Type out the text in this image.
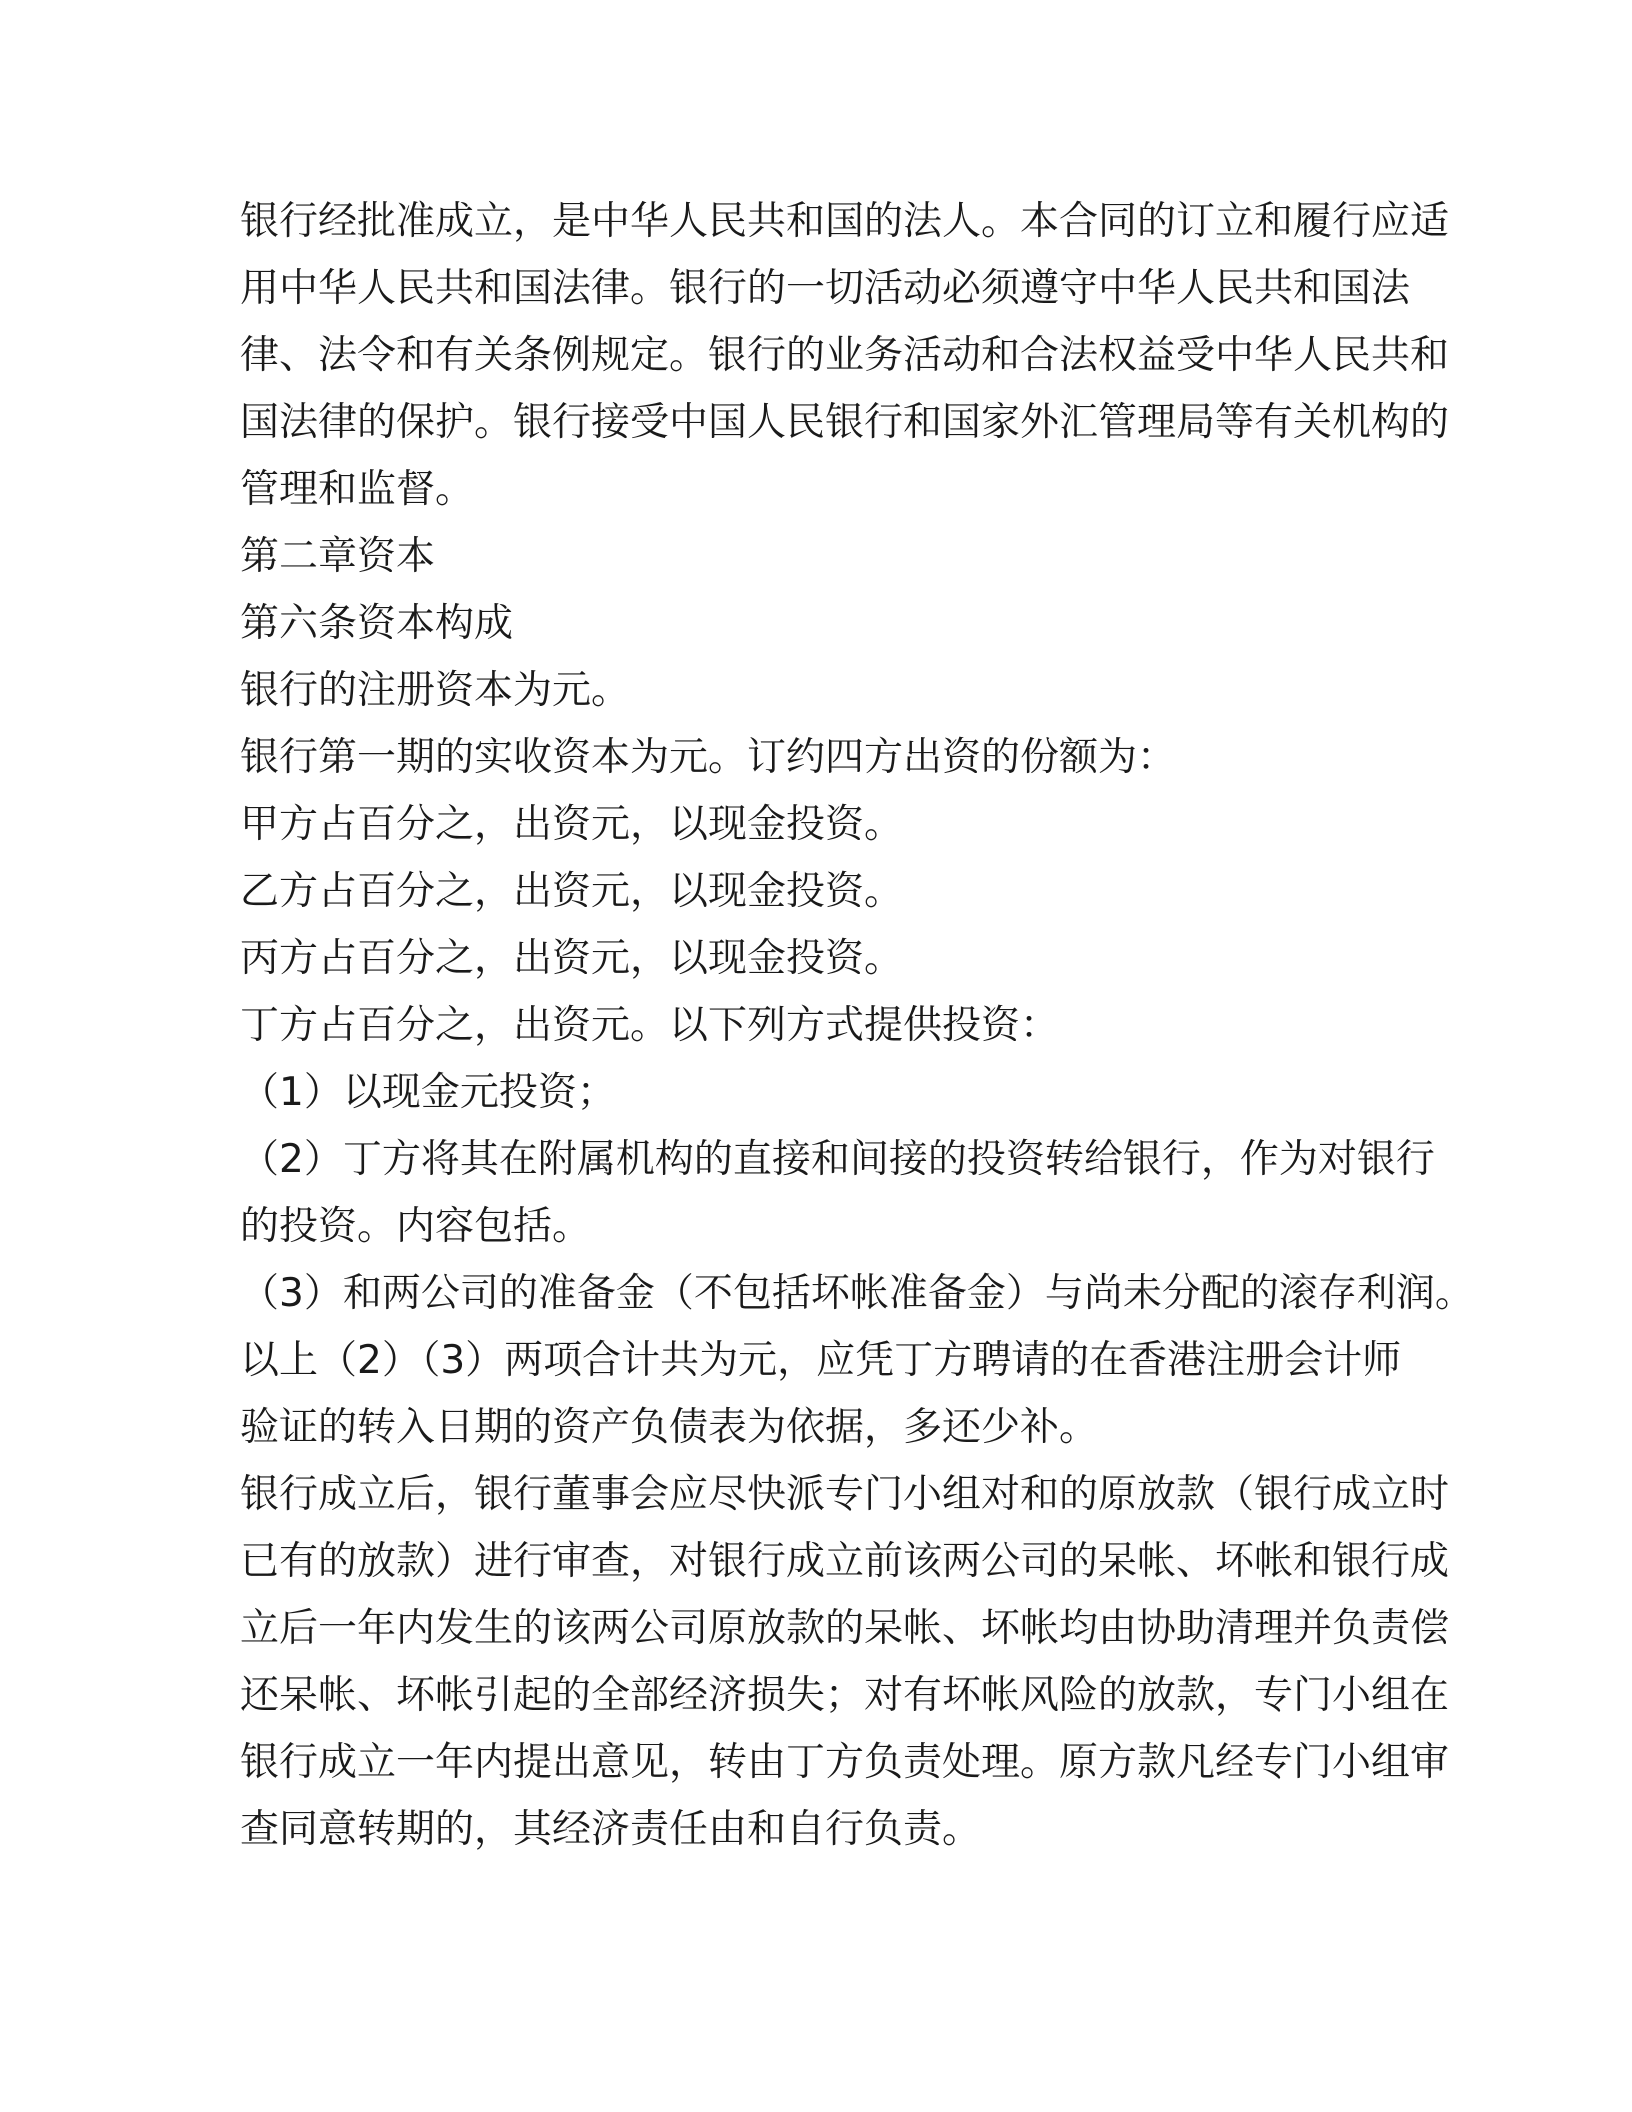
银行经批准成立，是中华人民共和国的法人。本合同的订立和履行应适
用中华人民共和国法律。银行的一切活动必须遵守中华人民共和国法
律、法令和有关条例规定。银行的业务活动和合法权益受中华人民共和
国法律的保护。银行接受中国人民银行和国家外汇管理局等有关机构的
管理和监督。
第二章资本
第六条资本构成
银行的注册资本为元。
银行第一期的实收资本为元。订约四方出资的份额为：
甲方占百分之，出资元，以现金投资。
乙方占百分之，出资元，以现金投资。
丙方占百分之，出资元，以现金投资。
丁方占百分之，出资元。以下列方式提供投资：
（1）以现金元投资；
（2）丁方将其在附属机构的直接和间接的投资转给银行，作为对银行
的投资。内容包括。
（3）和两公司的准备金（不包括坏帐准备金）与尚未分配的滚存利润。
以上（2）（3）两项合计共为元，应凭丁方聘请的在香港注册会计师
验证的转入日期的资产负债表为依据，多还少补。
银行成立后，银行董事会应尽快派专门小组对和的原放款（银行成立时
已有的放款）进行审查，对银行成立前该两公司的呆帐、坏帐和银行成
立后一年内发生的该两公司原放款的呆帐、坏帐均由协助清理并负责偿
还呆帐、坏帐引起的全部经济损失；对有坏帐风险的放款，专门小组在
银行成立一年内提出意见，转由丁方负责处理。原方款凡经专门小组审
查同意转期的，其经济责任由和自行负责。
